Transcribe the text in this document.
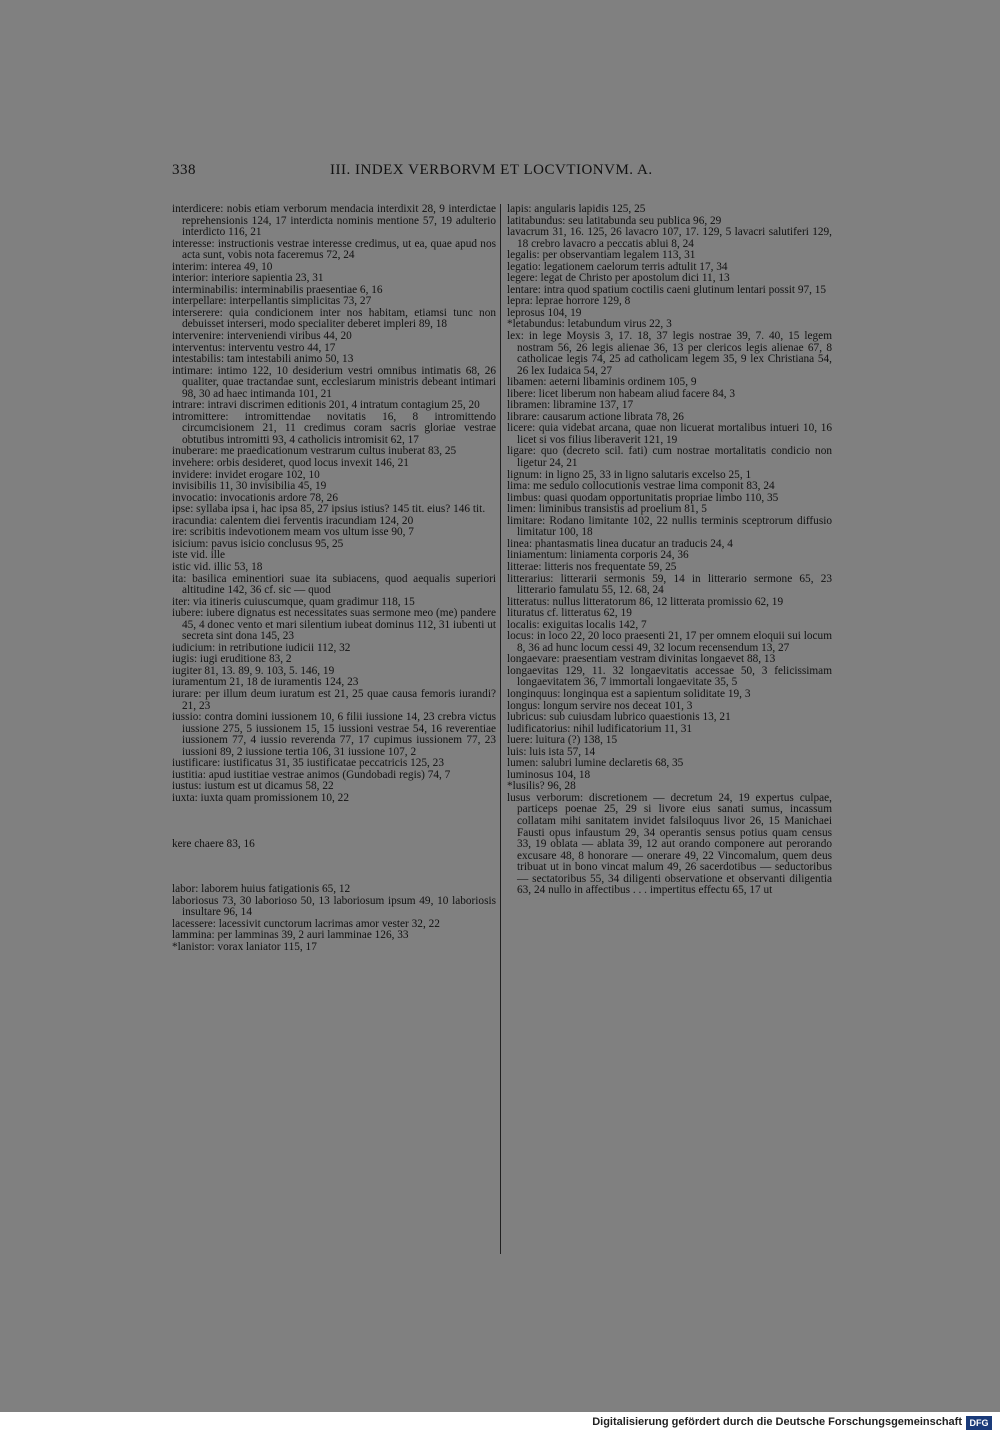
338	III. INDEX VERBORVM ET LOCVTIONVM. A.

interdicere: nobis etiam verborum mendacia interdixit 28, 9 interdictae reprehensionis 124, 17 interdicta nominis mentione 57, 19 adulterio interdicto 116, 21

interesse: instructionis vestrae interesse credimus, ut ea, quae apud nos acta sunt, vobis nota faceremus 72, 24

interim: interea 49, 10

interior: interiore sapientia 23, 31

interminabilis: interminabilis praesentiae 6, 16

interpellare: interpellantis simplicitas 73, 27

interserere: quia condicionem inter nos habitam, etiamsi tunc non debuisset interseri, modo specialiter deberet impleri 89, 18

intervenire: interveniendi viribus 44, 20

interventus: interventu vestro 44, 17

intestabilis: tam intestabili animo 50, 13

intimare: intimo 122, 10 desiderium vestri omnibus intimatis 68, 26 qualiter, quae tractandae sunt, ecclesiarum ministris debeant intimari 98, 30 ad haec intimanda 101, 21

intrare: intravi discrimen editionis 201, 4 intratum contagium 25, 20

intromittere: intromittendae novitatis 16, 8 intromittendo circumcisionem 21, 11 credimus coram sacris gloriae vestrae obtutibus intromitti 93, 4 catholicis intromisit 62, 17

inuberare: me praedicationum vestrarum cultus inuberat 83, 25

invehere: orbis desideret, quod locus invexit 146, 21

invidere: invidet erogare 102, 10

invisibilis 11, 30 invisibilia 45, 19

invocatio: invocationis ardore 78, 26

ipse: syllaba ipsa i, hac ipsa 85, 27 ipsius istius? 145 tit. eius? 146 tit.

iracundia: calentem diei ferventis iracundiam 124, 20

ire: scribitis indevotionem meam vos ultum isse 90, 7

isicium: pavus isicio conclusus 95, 25

iste vid. ille

istic vid. illic 53, 18

ita: basilica eminentiori suae ita subiacens, quod aequalis superiori altitudine 142, 36 cf. sic — quod

iter: via itineris cuiuscumque, quam gradimur 118, 15

iubere: iubere dignatus est necessitates suas sermone meo (me) pandere 45, 4 donec vento et mari silentium iubeat dominus 112, 31 iubenti ut secreta sint dona 145, 23

iudicium: in retributione iudicii 112, 32

iugis: iugi eruditione 83, 2

iugiter 81, 13. 89, 9. 103, 5. 146, 19

iuramentum 21, 18 de iuramentis 124, 23

iurare: per illum deum iuratum est 21, 25 quae causa femoris iurandi? 21, 23

iussio: contra domini iussionem 10, 6 filii iussione 14, 23 crebra victus iussione 275, 5 iussionem 15, 15 iussioni vestrae 54, 16 reverentiae iussionem 77, 4 iussio reverenda 77, 17 cupimus iussionem 77, 23 iussioni 89, 2 iussione tertia 106, 31 iussione 107, 2

iustificare: iustificatus 31, 35 iustificatae peccatricis 125, 23

iustitia: apud iustitiae vestrae animos (Gundobadi regis) 74, 7

iustus: iustum est ut dicamus 58, 22

iuxta: iuxta quam promissionem 10, 22

kere chaere 83, 16

labor: laborem huius fatigationis 65, 12

laboriosus 73, 30 laborioso 50, 13 laboriosum ipsum 49, 10 laboriosis insultare 96, 14

lacessere: lacessivit cunctorum lacrimas amor vester 32, 22

lammina: per lamminas 39, 2 auri lamminae 126, 33

*lanistor: vorax laniator 115, 17

lapis: angularis lapidis 125, 25

latitabundus: seu latitabunda seu publica 96, 29

lavacrum 31, 16. 125, 26 lavacro 107, 17. 129, 5 lavacri salutiferi 129, 18 crebro lavacro a peccatis ablui 8, 24

legalis: per observantiam legalem 113, 31

legatio: legationem caelorum terris adtulit 17, 34

legere: legat de Christo per apostolum dici 11, 13

lentare: intra quod spatium coctilis caeni glutinum lentari possit 97, 15

lepra: leprae horrore 129, 8

leprosus 104, 19

*letabundus: letabundum virus 22, 3

lex: in lege Moysis 3, 17. 18, 37 legis nostrae 39, 7. 40, 15 legem nostram 56, 26 legis alienae 36, 13 per clericos legis alienae 67, 8 catholicae legis 74, 25 ad catholicam legem 35, 9 lex Christiana 54, 26 lex Iudaica 54, 27

libamen: aeterni libaminis ordinem 105, 9

libere: licet liberum non habeam aliud facere 84, 3

libramen: libramine 137, 17

librare: causarum actione librata 78, 26

licere: quia videbat arcana, quae non licuerat mortalibus intueri 10, 16 licet si vos filius liberaverit 121, 19

ligare: quo (decreto scil. fati) cum nostrae mortalitatis condicio non ligetur 24, 21

lignum: in ligno 25, 33 in ligno salutaris excelso 25, 1

lima: me sedulo collocutionis vestrae lima componit 83, 24

limbus: quasi quodam opportunitatis propriae limbo 110, 35

limen: liminibus transistis ad proelium 81, 5

limitare: Rodano limitante 102, 22 nullis terminis sceptrorum diffusio limitatur 100, 18

linea: phantasmatis linea ducatur an traducis 24, 4

liniamentum: liniamenta corporis 24, 36

litterae: litteris nos frequentate 59, 25

litterarius: litterarii sermonis 59, 14 in litterario sermone 65, 23 litterario famulatu 55, 12. 68, 24

litteratus: nullus litteratorum 86, 12 litterata promissio 62, 19

lituratus cf. litteratus 62, 19

localis: exiguitas localis 142, 7

locus: in loco 22, 20 loco praesenti 21, 17 per omnem eloquii sui locum 8, 36 ad hunc locum cessi 49, 32 locum recensendum 13, 27

longaevare: praesentiam vestram divinitas longaevet 88, 13

longaevitas 129, 11. 32 longaevitatis accessae 50, 3 felicissimam longaevitatem 36, 7 immortali longaevitate 35, 5

longinquus: longinqua est a sapientum soliditate 19, 3

longus: longum servire nos deceat 101, 3

lubricus: sub cuiusdam lubrico quaestionis 13, 21

ludificatorius: nihil ludificatorium 11, 31

luere: luitura (?) 138, 15

luis: luis ista 57, 14

lumen: salubri lumine declaretis 68, 35

luminosus 104, 18

*lusilis? 96, 28

lusus verborum: discretionem — decretum 24, 19 expertus culpae, particeps poenae 25, 29 si livore eius sanati sumus, incassum collatam mihi sanitatem invidet falsiloquus livor 26, 15 Manichaei Fausti opus infaustum 29, 34 operantis sensus potius quam census 33, 19 oblata — ablata 39, 12 aut orando componere aut perorando excusare 48, 8 honorare — onerare 49, 22 Vincomalum, quem deus tribuat ut in bono vincat malum 49, 26 sacerdotibus — seductoribus — sectatoribus 55, 34 diligenti observatione et observanti diligentia 63, 24 nullo in affectibus . . . impertitus effectu 65, 17 ut

Digitalisierung gefördert durch die Deutsche Forschungsgemeinschaft DFG
